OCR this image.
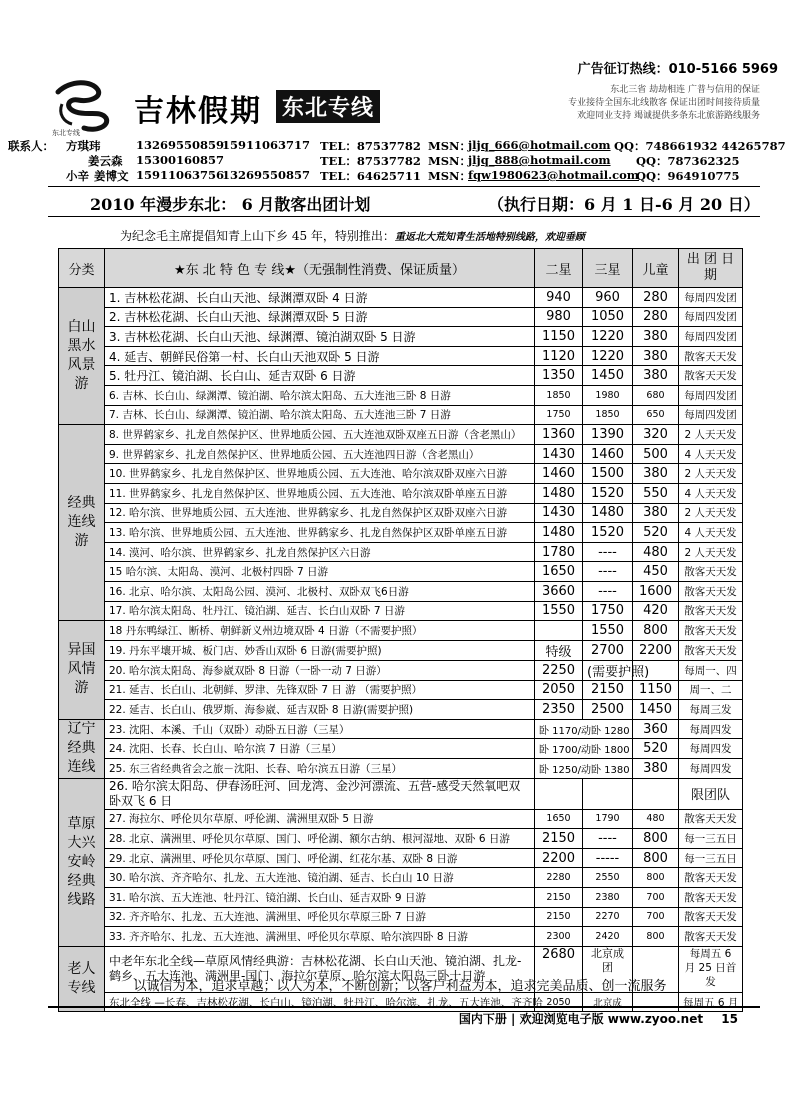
广告征订热线：010-5166 5969
东北专线
吉林假期 东北专线
东北三省 劫劫相连 广普与信用的保证
专业接待全国东北线散客 保证出团时间接待质量
欢迎同业支持 竭诚提供多条东北旅游路线服务
联系人： 方琪玮	13269550859
15911063717 TEL：87537782 MSN：
jljq_666@hotmail.com QQ：748661932 44265787
姜云森 15300160857	TEL：87537782 MSN：
jljq_888@hotmail.com QQ：787362325
小辛 姜博文 15911063756
13269550857 TEL：64625711 MSN：
fqw1980623@hotmail.com
QQ：964910775
2010 年漫步东北： 6 月散客出团计划	（执行日期：6 月 1 日-6 月 20 日）
为纪念毛主席提倡知青上山下乡 45 年，特别推出：重返北大荒知青生活地特别线路，欢迎垂顾
分类	★东 北 特 色 专 线★（无强制性消费、保证质量）	二星	三星	儿童	出 团 日期
白山黑水风景游	1. 吉林松花湖、长白山天池、绿渊潭双卧 4 日游	940	960	280	每周四发团
	2. 吉林松花湖、长白山天池、绿渊潭双卧 5 日游	980	1050	280	每周四发团
	3. 吉林松花湖、长白山天池、绿渊潭、镜泊湖双卧 5 日游	1150	1220	380	每周四发团
	4. 延吉、朝鲜民俗第一村、长白山天池双卧 5 日游	1120	1220	380	散客天天发
	5. 牡丹江、镜泊湖、长白山、延吉双卧 6 日游	1350	1450	380	散客天天发
	6. 吉林、长白山、绿渊潭、镜泊湖、哈尔滨太阳岛、五大连池三卧 8 日游	1850	1980	680	每周四发团
	7. 吉林、长白山、绿渊潭、镜泊湖、哈尔滨太阳岛、五大连池三卧 7 日游	1750	1850	650	每周四发团
经典连线游	8. 世界鹤家乡、扎龙自然保护区、世界地质公园、五大连池双卧双座五日游（含老黑山）	1360	1390	320	2 人天天发
	9. 世界鹤家乡、扎龙自然保护区、世界地质公园、五大连池四日游（含老黑山）	1430	1460	500	4 人天天发
	10. 世界鹤家乡、扎龙自然保护区、世界地质公园、五大连池、哈尔滨双卧双座六日游	1460	1500	380	2 人天天发
	11. 世界鹤家乡、扎龙自然保护区、世界地质公园、五大连池、哈尔滨双卧单座五日游	1480	1520	550	4 人天天发
	12. 哈尔滨、世界地质公园、五大连池、世界鹤家乡、扎龙自然保护区双卧双座六日游	1430	1480	380	2 人天天发
	13. 哈尔滨、世界地质公园、五大连池、世界鹤家乡、扎龙自然保护区双卧单座五日游	1480	1520	520	4 人天天发
	14. 漠河、哈尔滨、世界鹤家乡、扎龙自然保护区六日游	1780	----	480	2 人天天发
	15 哈尔滨、太阳岛、漠河、北极村四卧 7 日游	1650	----	450	散客天天发
	16. 北京、哈尔滨、太阳岛公园、漠河、北极村、双卧双飞6日游	3660	----	1600	散客天天发
	17. 哈尔滨太阳岛、牡丹江、镜泊湖、延吉、长白山双卧 7 日游	1550	1750	420	散客天天发
异国风情游	18 丹东鸭绿江、断桥、朝鲜新义州边境双卧 4 日游（不需要护照）		1550	800	散客天天发
	19. 丹东平壤开城、板门店、妙香山双卧 6 日游(需要护照)	特级	2700	2200	散客天天发
	20. 哈尔滨太阳岛、海参崴双卧 8 日游（一卧一动 7 日游）	2250	(需要护照)		每周一、四
	21. 延吉、长白山、北朝鲜、罗津、先锋双卧 7 日 游 （需要护照）	2050	2150	1150	周一、二
	22. 延吉、长白山、俄罗斯、海参崴、延吉双卧 8 日游(需要护照)	2350	2500	1450	每周三发
辽宁经典连线	23. 沈阳、本溪、千山（双卧）动卧五日游（三星）	卧 1170/动卧 1280		360	每周四发
	24. 沈阳、长春、长白山、哈尔滨 7 日游（三星）	卧 1700/动卧 1800		520	每周四发
	25. 东三省经典省会之旅－沈阳、长春、哈尔滨五日游（三星）	卧 1250/动卧 1380		380	每周四发
草原大兴安岭经典线路	26. 哈尔滨太阳岛、伊春汤旺河、回龙湾、金沙河漂流、五营-感受天然氧吧双卧双飞 6 日				限团队
	27. 海拉尔、呼伦贝尔草原、呼伦湖、满洲里双卧 5 日游	1650	1790	480	散客天天发
	28. 北京、满洲里、呼伦贝尔草原、国门、呼伦湖、额尔古纳、根河湿地、双卧 6 日游	2150	----	800	每一三五日
	29. 北京、满洲里、呼伦贝尔草原、国门、呼伦湖、红花尔基、双卧 8 日游	2200	-----	800	每一三五日
	30. 哈尔滨、齐齐哈尔、扎龙、五大连池、镜泊湖、延吉、长白山 10 日游	2280	2550	800	散客天天发
	31. 哈尔滨、五大连池、牡丹江、镜泊湖、长白山、延吉双卧 9 日游	2150	2380	700	散客天天发
	32. 齐齐哈尔、扎龙、五大连池、满洲里、呼伦贝尔草原三卧 7 日游	2150	2270	700	散客天天发
	33. 齐齐哈尔、扎龙、五大连池、满洲里、呼伦贝尔草原、哈尔滨四卧 8 日游	2300	2420	800	散客天天发
老人专线	中老年东北全线—草原风情经典游：吉林松花湖、长白山天池、镜泊湖、扎龙-鹤乡、五大连池、满洲里-国门、海拉尔草原、哈尔滨太阳岛三卧十日游	2680	北京成团		每周五 6 月 25 日首发
	东北全线 —长春、吉林松花湖、长白山、镜泊湖、牡丹江、哈尔滨、扎龙、五大连池、齐齐哈	2050	北京成		每周五 6 月
以诚信为本，追求卓越；以人为本，不断创新；以客户利益为本，追求完美品质、创一流服务
国内下册 | 欢迎浏览电子版 www.zyoo.net 15
